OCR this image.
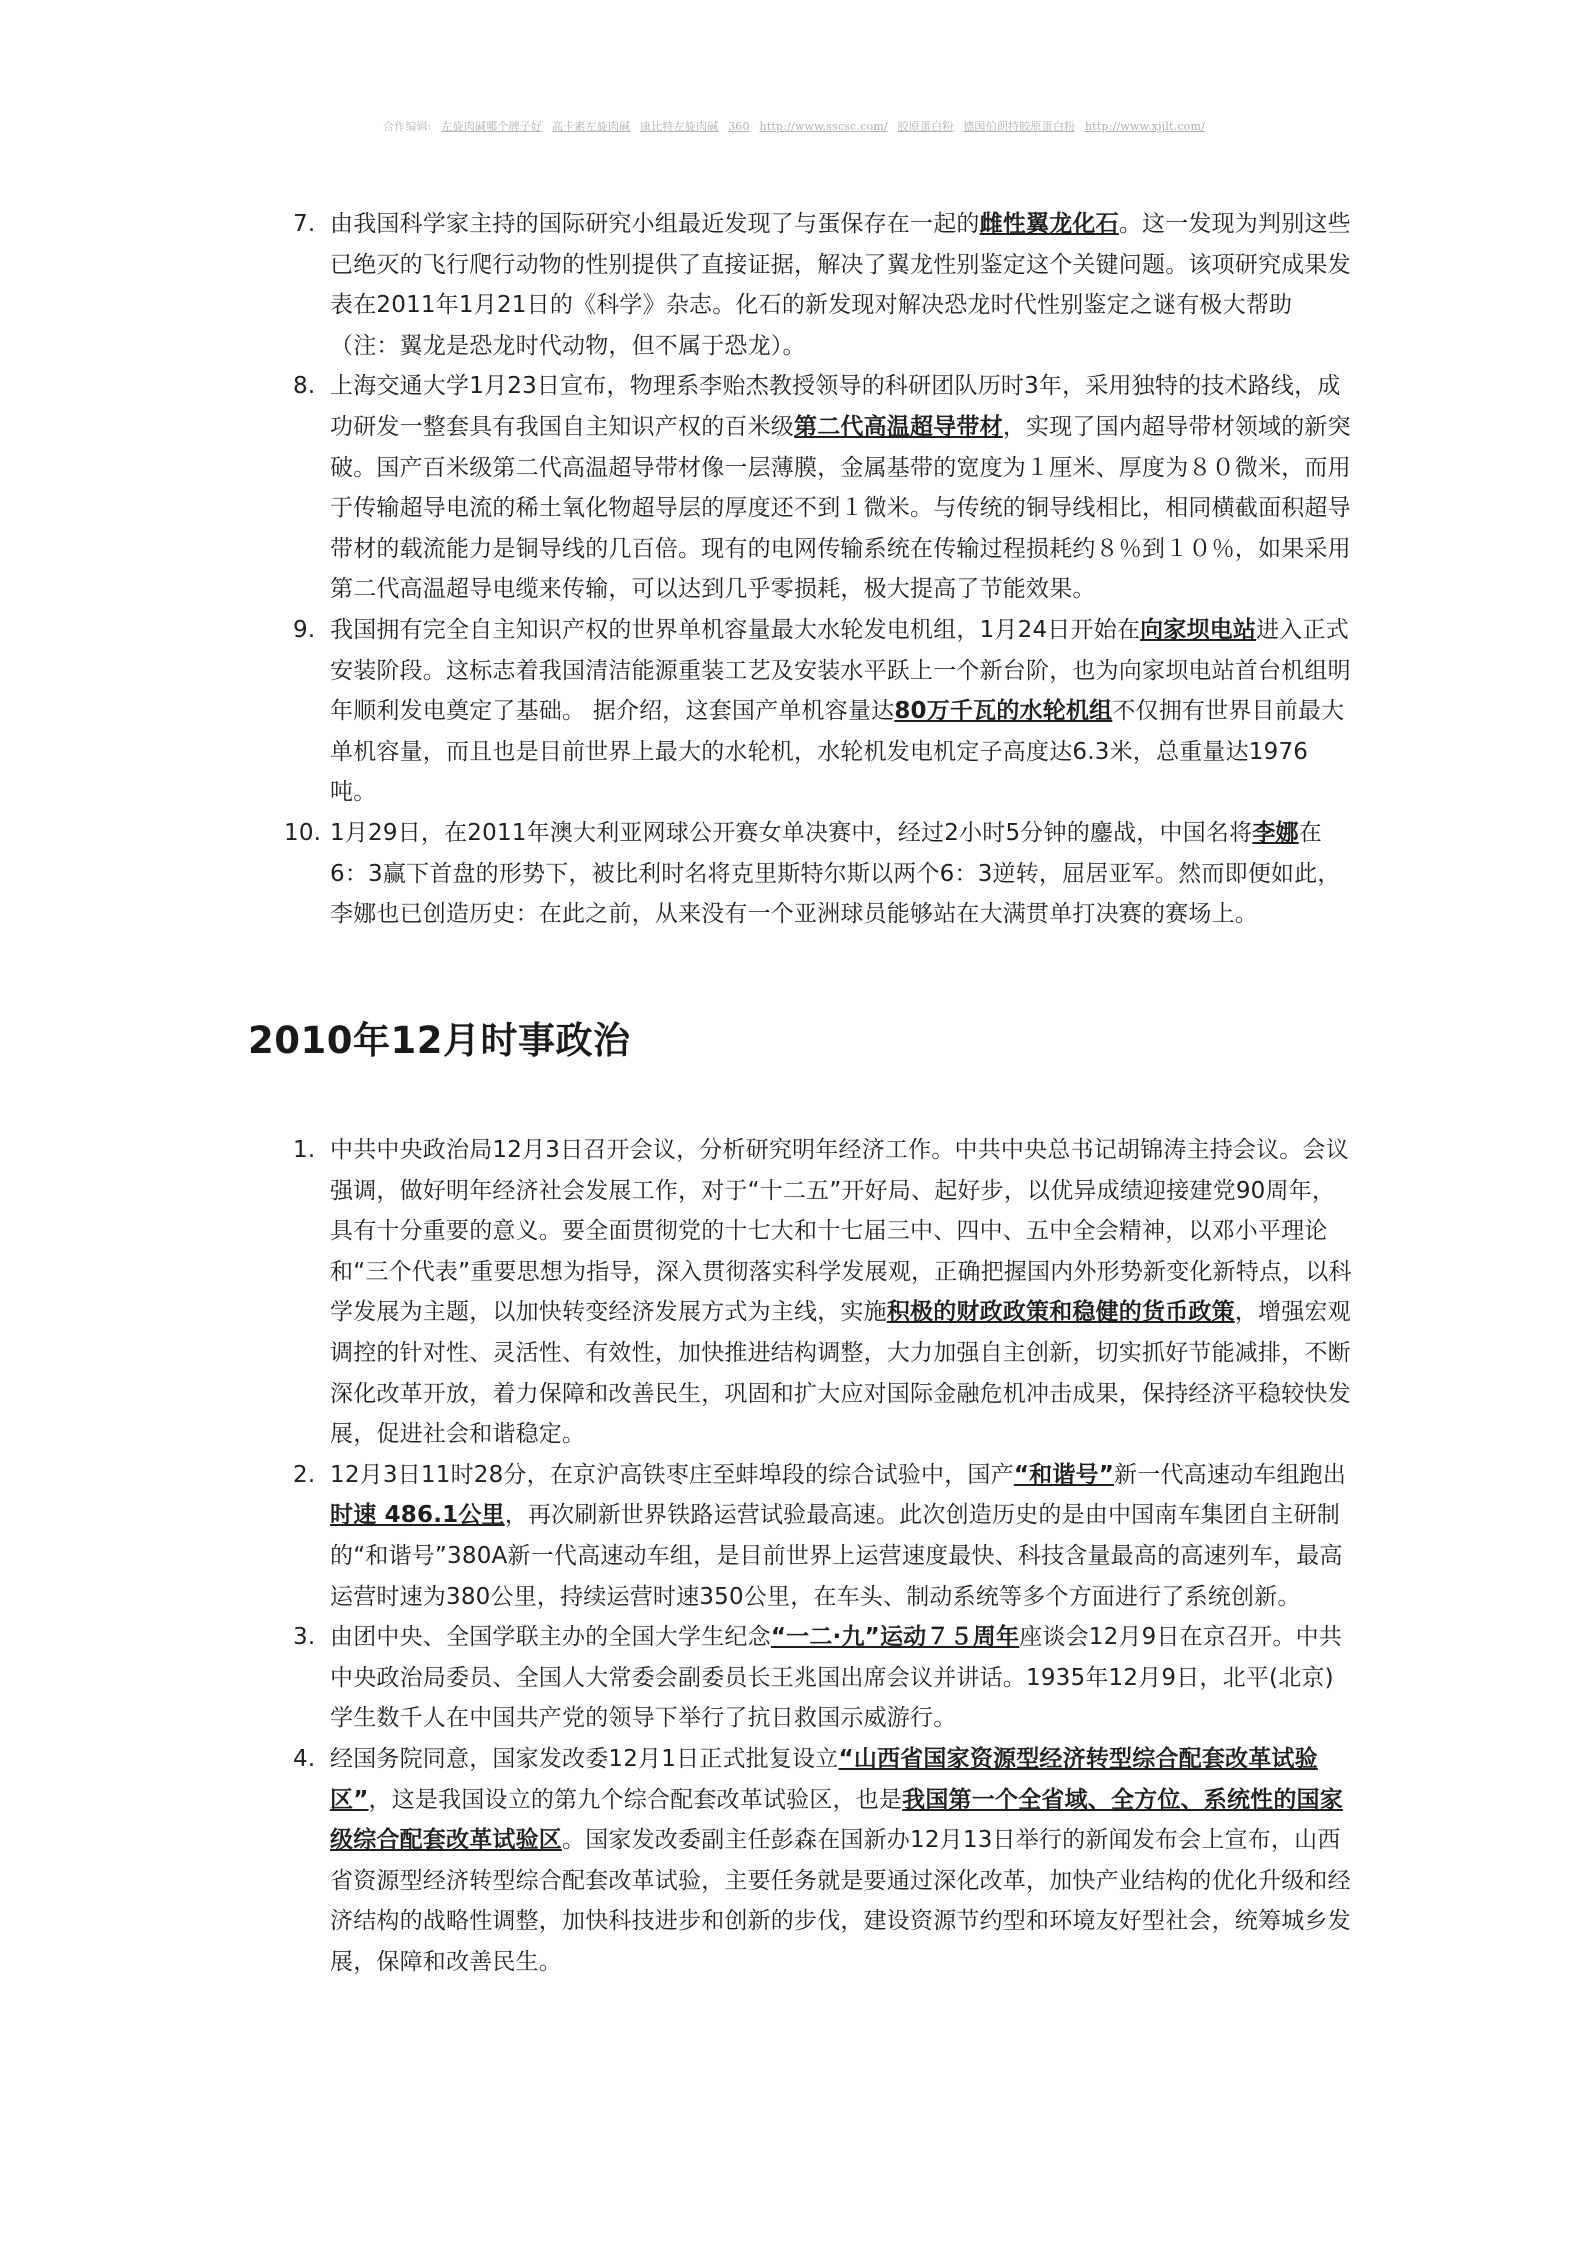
合作编辑: 左旋肉碱哪个牌子好 高卡素左旋肉碱 康比特左旋肉碱 360 http://www.sscsc.com/ 胶原蛋白粉 德国伯朗特胶原蛋白粉 http://www.xjjlt.com/
7. 由我国科学家主持的国际研究小组最近发现了与蛋保存在一起的雌性翼龙化石。这一发现为判别这些已绝灭的飞行爬行动物的性别提供了直接证据，解决了翼龙性别鉴定这个关键问题。该项研究成果发表在2011年1月21日的《科学》杂志。化石的新发现对解决恐龙时代性别鉴定之谜有极大帮助（注：翼龙是恐龙时代动物，但不属于恐龙）。
8. 上海交通大学1月23日宣布，物理系李贻杰教授领导的科研团队历时3年，采用独特的技术路线，成功研发一整套具有我国自主知识产权的百米级第二代高温超导带材，实现了国内超导带材领域的新突破。国产百米级第二代高温超导带材像一层薄膜，金属基带的宽度为１厘米、厚度为８０微米，而用于传输超导电流的稀土氧化物超导层的厚度还不到１微米。与传统的铜导线相比，相同横截面积超导带材的载流能力是铜导线的几百倍。现有的电网传输系统在传输过程损耗约８％到１０％，如果采用第二代高温超导电缆来传输，可以达到几乎零损耗，极大提高了节能效果。
9. 我国拥有完全自主知识产权的世界单机容量最大水轮发电机组，1月24日开始在向家坝电站进入正式安装阶段。这标志着我国清洁能源重装工艺及安装水平跃上一个新台阶，也为向家坝电站首台机组明年顺利发电奠定了基础。 据介绍，这套国产单机容量达80万千瓦的水轮机组不仅拥有世界目前最大单机容量，而且也是目前世界上最大的水轮机，水轮机发电机定子高度达6.3米，总重量达1976吨。
10. 1月29日，在2011年澳大利亚网球公开赛女单决赛中，经过2小时5分钟的鏖战，中国名将李娜在6：3赢下首盘的形势下，被比利时名将克里斯特尔斯以两个6：3逆转，屈居亚军。然而即便如此，李娜也已创造历史：在此之前，从来没有一个亚洲球员能够站在大满贯单打决赛的赛场上。
2010年12月时事政治
1. 中共中央政治局12月3日召开会议，分析研究明年经济工作。中共中央总书记胡锦涛主持会议。会议强调，做好明年经济社会发展工作，对于“十二五”开好局、起好步，以优异成绩迎接建党90周年，具有十分重要的意义。要全面贯彻党的十七大和十七届三中、四中、五中全会精神，以邓小平理论和“三个代表”重要思想为指导，深入贯彻落实科学发展观，正确把握国内外形势新变化新特点，以科学发展为主题，以加快转变经济发展方式为主线，实施积极的财政政策和稳健的货币政策，增强宏观调控的针对性、灵活性、有效性，加快推进结构调整，大力加强自主创新，切实抓好节能减排，不断深化改革开放，着力保障和改善民生，巩固和扩大应对国际金融危机冲击成果，保持经济平稳较快发展，促进社会和谐稳定。
2. 12月3日11时28分，在京沪高铁枣庄至蚌埠段的综合试验中，国产“和谐号”新一代高速动车组跑出时速 486.1公里，再次刷新世界铁路运营试验最高速。此次创造历史的是由中国南车集团自主研制的“和谐号”380A新一代高速动车组，是目前世界上运营速度最快、科技含量最高的高速列车，最高运营时速为380公里，持续运营时速350公里，在车头、制动系统等多个方面进行了系统创新。
3. 由团中央、全国学联主办的全国大学生纪念“一二·九”运动７５周年座谈会12月9日在京召开。中共中央政治局委员、全国人大常委会副委员长王兆国出席会议并讲话。1935年12月9日，北平(北京)学生数千人在中国共产党的领导下举行了抗日救国示威游行。
4. 经国务院同意，国家发改委12月1日正式批复设立“山西省国家资源型经济转型综合配套改革试验区”，这是我国设立的第九个综合配套改革试验区，也是我国第一个全省域、全方位、系统性的国家级综合配套改革试验区。国家发改委副主任彭森在国新办12月13日举行的新闻发布会上宣布，山西省资源型经济转型综合配套改革试验，主要任务就是要通过深化改革，加快产业结构的优化升级和经济结构的战略性调整，加快科技进步和创新的步伐，建设资源节约型和环境友好型社会，统筹城乡发展，保障和改善民生。
